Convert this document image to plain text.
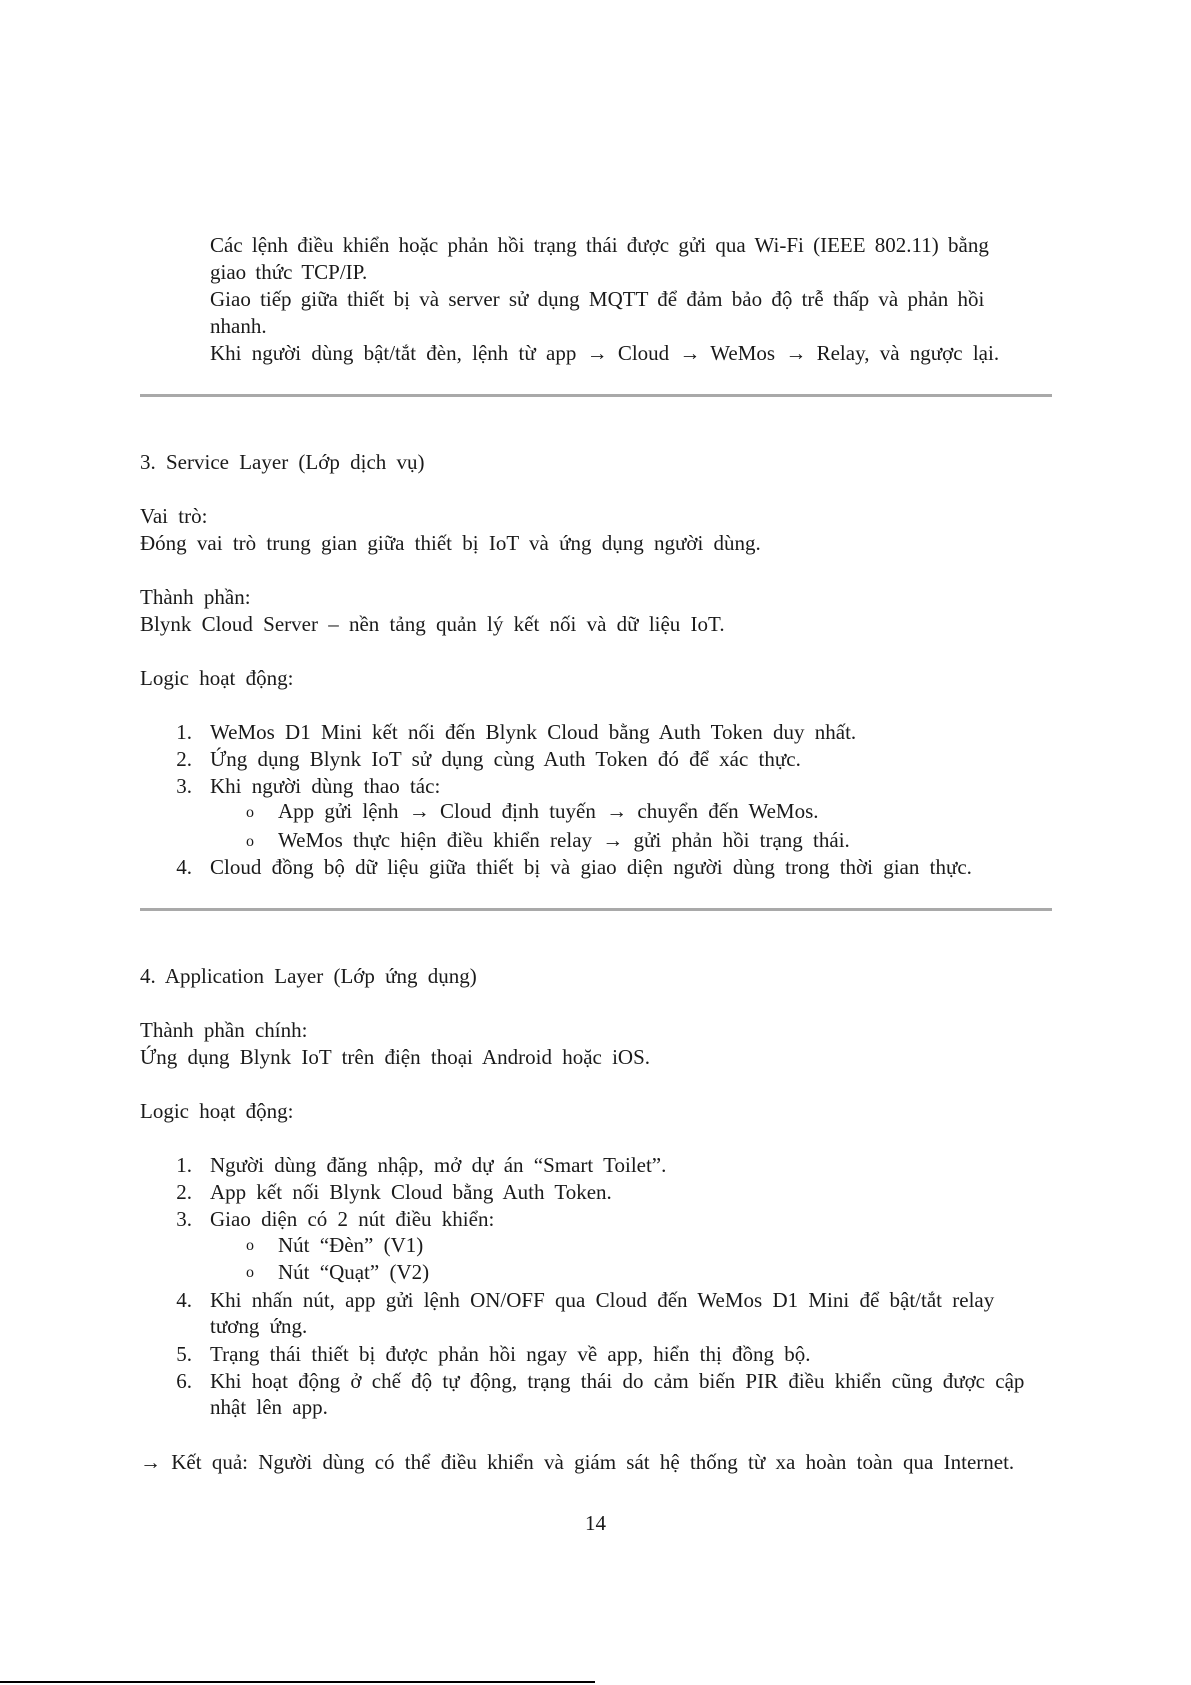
Các lệnh điều khiển hoặc phản hồi trạng thái được gửi qua Wi-Fi (IEEE 802.11) bằng
giao thức TCP/IP.
Giao tiếp giữa thiết bị và server sử dụng MQTT để đảm bảo độ trễ thấp và phản hồi
nhanh.
Khi người dùng bật/tắt đèn, lệnh từ app → Cloud → WeMos → Relay, và ngược lại.
3. Service Layer (Lớp dịch vụ)
Vai trò:
Đóng vai trò trung gian giữa thiết bị IoT và ứng dụng người dùng.
Thành phần:
Blynk Cloud Server – nền tảng quản lý kết nối và dữ liệu IoT.
Logic hoạt động:
1. WeMos D1 Mini kết nối đến Blynk Cloud bằng Auth Token duy nhất.
2. Ứng dụng Blynk IoT sử dụng cùng Auth Token đó để xác thực.
3. Khi người dùng thao tác:
o App gửi lệnh → Cloud định tuyến → chuyển đến WeMos.
o WeMos thực hiện điều khiển relay → gửi phản hồi trạng thái.
4. Cloud đồng bộ dữ liệu giữa thiết bị và giao diện người dùng trong thời gian thực.
4. Application Layer (Lớp ứng dụng)
Thành phần chính:
Ứng dụng Blynk IoT trên điện thoại Android hoặc iOS.
Logic hoạt động:
1. Người dùng đăng nhập, mở dự án “Smart Toilet”.
2. App kết nối Blynk Cloud bằng Auth Token.
3. Giao diện có 2 nút điều khiển:
o Nút “Đèn” (V1)
o Nút “Quạt” (V2)
4. Khi nhấn nút, app gửi lệnh ON/OFF qua Cloud đến WeMos D1 Mini để bật/tắt relay
tương ứng.
5. Trạng thái thiết bị được phản hồi ngay về app, hiển thị đồng bộ.
6. Khi hoạt động ở chế độ tự động, trạng thái do cảm biến PIR điều khiển cũng được cập
nhật lên app.
→ Kết quả: Người dùng có thể điều khiển và giám sát hệ thống từ xa hoàn toàn qua Internet.
14
